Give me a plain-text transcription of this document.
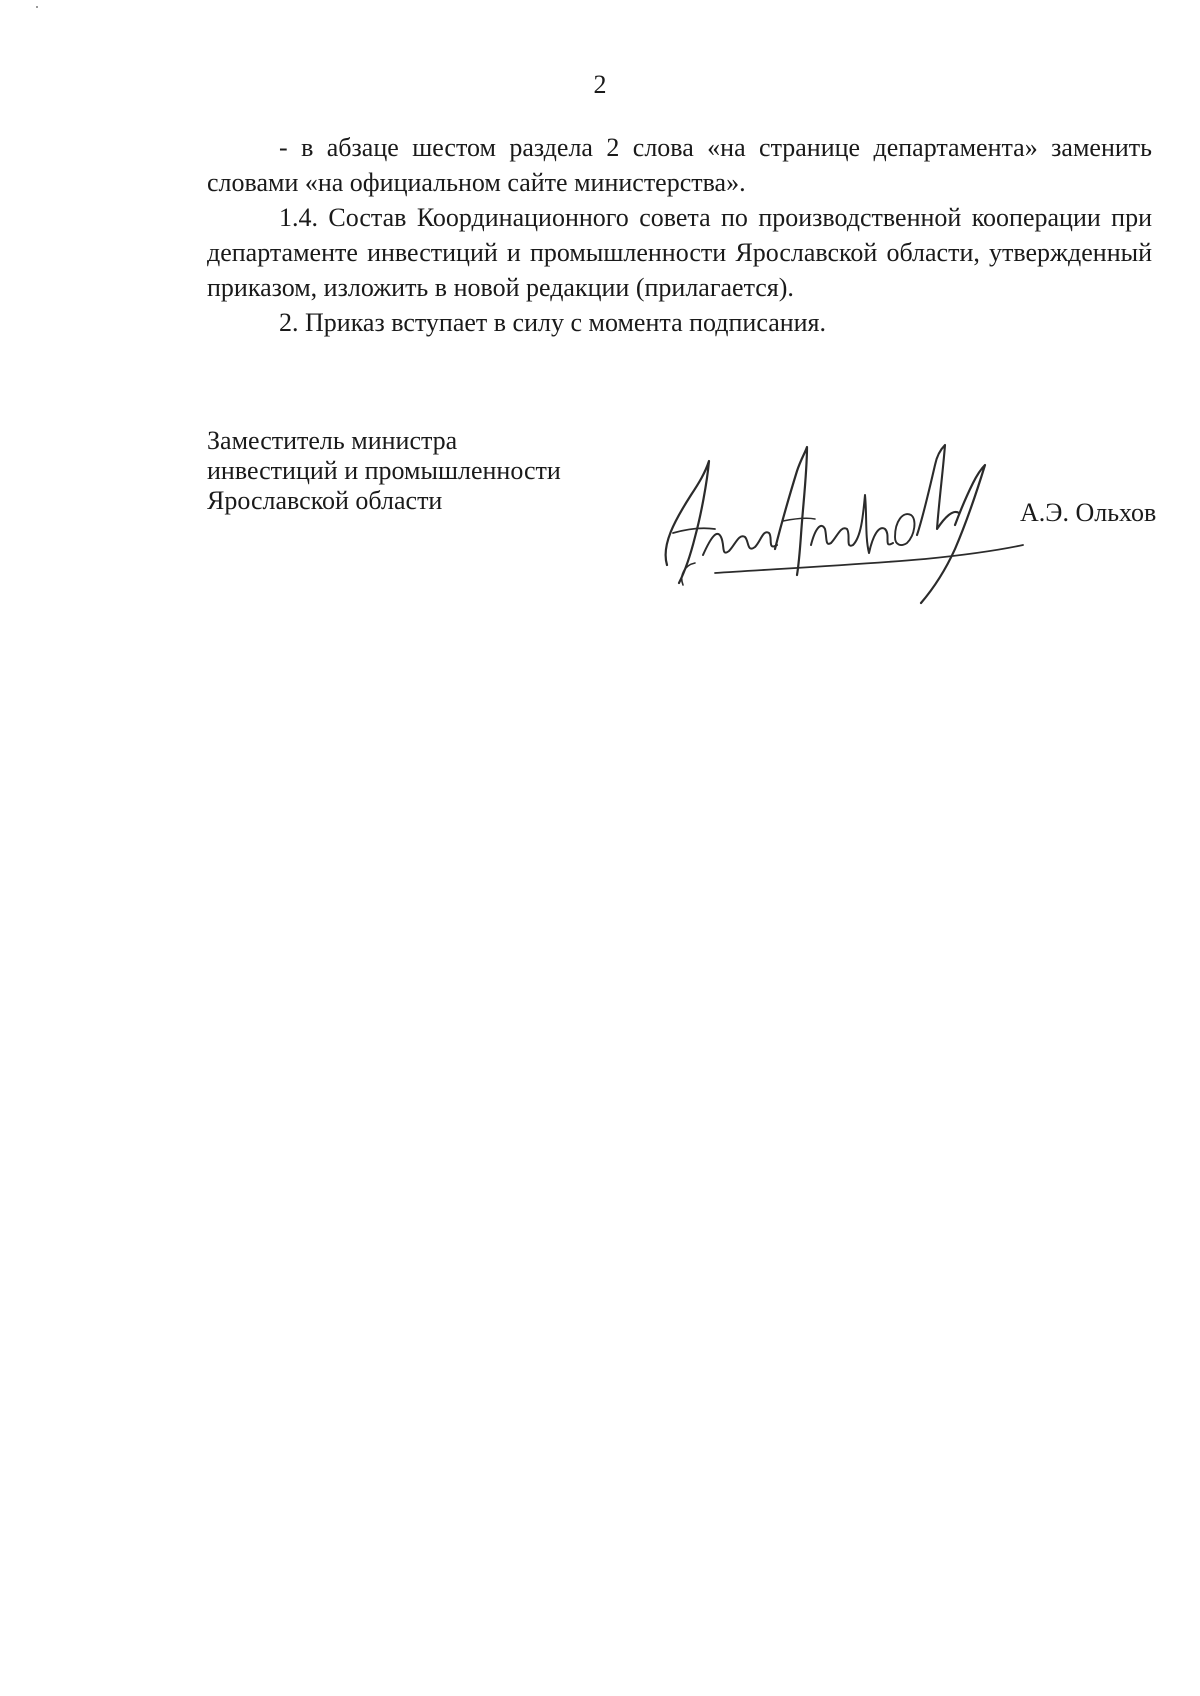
2

- в абзаце шестом раздела 2 слова «на странице департамента» заменить словами «на официальном сайте министерства».

1.4. Состав Координационного совета по производственной кооперации при департаменте инвестиций и промышленности Ярославской области, утвержденный приказом, изложить в новой редакции (прилагается).

2. Приказ вступает в силу с момента подписания.

Заместитель министра
инвестиций и промышленности
Ярославской области	А.Э. Ольхов
